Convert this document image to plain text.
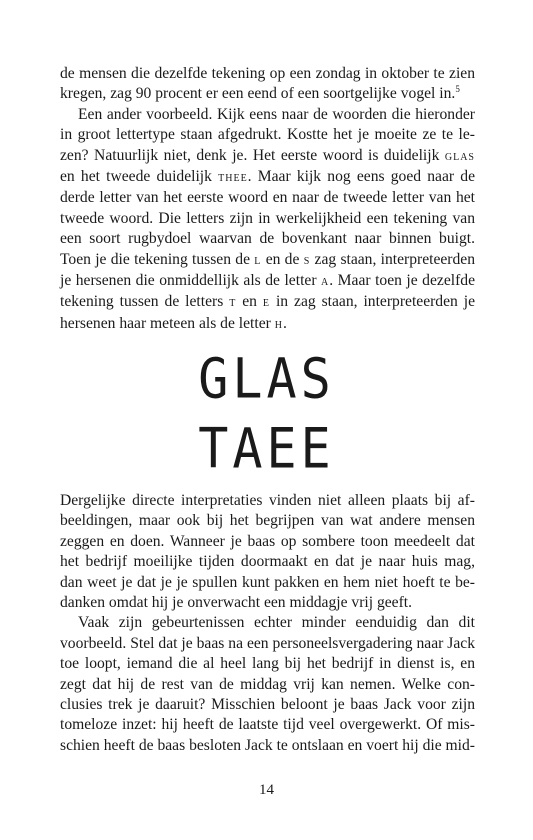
de mensen die dezelfde tekening op een zondag in oktober te zien

kregen, zag 90 procent er een eend of een soortgelijke vogel in.$^5$

Een ander voorbeeld. Kijk eens naar de woorden die hieronder

in groot lettertype staan afgedrukt. Kostte het je moeite ze te le-

zen? Natuurlijk niet, denk je. Het eerste woord is duidelijk glas

en het tweede duidelijk thee. Maar kijk nog eens goed naar de

derde letter van het eerste woord en naar de tweede letter van het

tweede woord. Die letters zijn in werkelijkheid een tekening van

een soort rugbydoel waarvan de bovenkant naar binnen buigt.

Toen je die tekening tussen de l en de s zag staan, interpreteerden

je hersenen die onmiddellijk als de letter a. Maar toen je dezelfde

tekening tussen de letters t en e in zag staan, interpreteerden je

hersenen haar meteen als de letter h.

GLAS
TAEE

Dergelijke directe interpretaties vinden niet alleen plaats bij af-

beeldingen, maar ook bij het begrijpen van wat andere mensen

zeggen en doen. Wanneer je baas op sombere toon meedeelt dat

het bedrijf moeilijke tijden doormaakt en dat je naar huis mag,

dan weet je dat je je spullen kunt pakken en hem niet hoeft te be-

danken omdat hij je onverwacht een middagje vrij geeft.

Vaak zijn gebeurtenissen echter minder eenduidig dan dit

voorbeeld. Stel dat je baas na een personeelsvergadering naar Jack

toe loopt, iemand die al heel lang bij het bedrijf in dienst is, en

zegt dat hij de rest van de middag vrij kan nemen. Welke con-

clusies trek je daaruit? Misschien beloont je baas Jack voor zijn

tomeloze inzet: hij heeft de laatste tijd veel overgewerkt. Of mis-

schien heeft de baas besloten Jack te ontslaan en voert hij die mid-

14
